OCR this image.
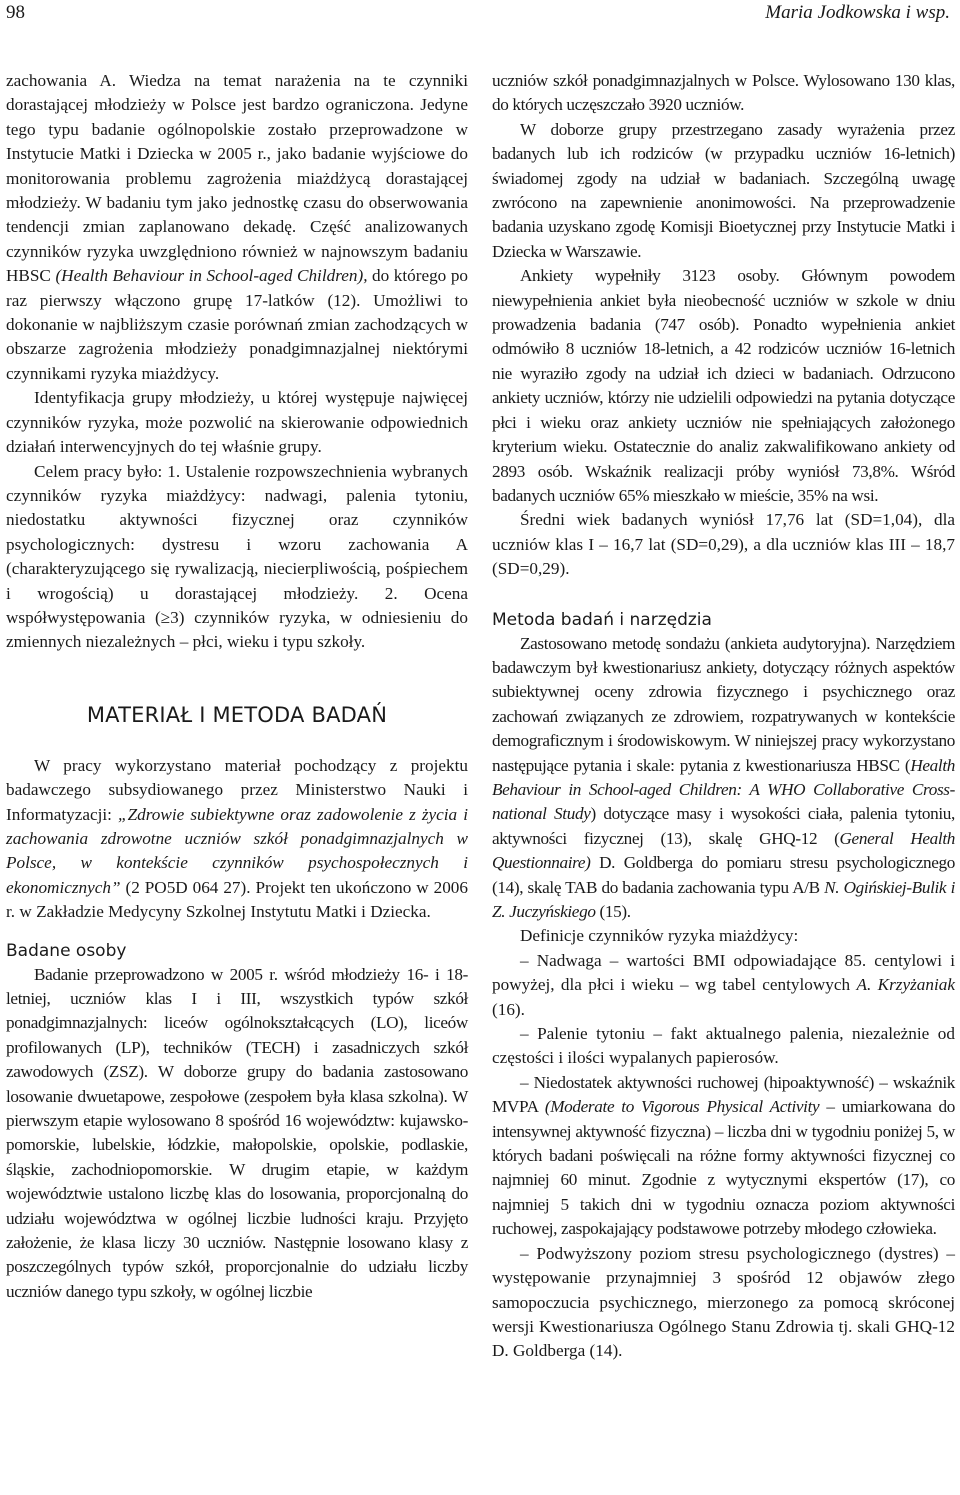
98	Maria Jodkowska i wsp.

zachowania A. Wiedza na temat narażenia na te czynniki dorastającej młodzieży w Polsce jest bardzo ograniczona. Jedyne tego typu badanie ogólnopolskie zostało przeprowadzone w Instytucie Matki i Dziecka w 2005 r., jako badanie wyjściowe do monitorowania problemu zagrożenia miażdżycą dorastającej młodzieży. W badaniu tym jako jednostkę czasu do obserwowania tendencji zmian zaplanowano dekadę. Część analizowanych czynników ryzyka uwzględniono również w najnowszym badaniu HBSC (Health Behaviour in School-aged Children), do którego po raz pierwszy włączono grupę 17-latków (12). Umożliwi to dokonanie w najbliższym czasie porównań zmian zachodzących w obszarze zagrożenia młodzieży ponadgimnazjalnej niektórymi czynnikami ryzyka miażdżycy.

Identyfikacja grupy młodzieży, u której występuje najwięcej czynników ryzyka, może pozwolić na skierowanie odpowiednich działań interwencyjnych do tej właśnie grupy.

Celem pracy było: 1. Ustalenie rozpowszechnienia wybranych czynników ryzyka miażdżycy: nadwagi, palenia tytoniu, niedostatku aktywności fizycznej oraz czynników psychologicznych: dystresu i wzoru zachowania A (charakteryzującego się rywalizacją, niecierpliwością, pośpiechem i wrogością) u dorastającej młodzieży. 2. Ocena współwystępowania (≥3) czynników ryzyka, w odniesieniu do zmiennych niezależnych – płci, wieku i typu szkoły.

MATERIAŁ I METODA BADAŃ

W pracy wykorzystano materiał pochodzący z projektu badawczego subsydiowanego przez Ministerstwo Nauki i Informatyzacji: „Zdrowie subiektywne oraz zadowolenie z życia i zachowania zdrowotne uczniów szkół ponadgimnazjalnych w Polsce, w kontekście czynników psychospołecznych i ekonomicznych” (2 PO5D 064 27). Projekt ten ukończono w 2006 r. w Zakładzie Medycyny Szkolnej Instytutu Matki i Dziecka.

Badane osoby

Badanie przeprowadzono w 2005 r. wśród młodzieży 16- i 18-letniej, uczniów klas I i III, wszystkich typów szkół ponadgimnazjalnych: liceów ogólnokształcących (LO), liceów profilowanych (LP), techników (TECH) i zasadniczych szkół zawodowych (ZSZ). W doborze grupy do badania zastosowano losowanie dwuetapowe, zespołowe (zespołem była klasa szkolna). W pierwszym etapie wylosowano 8 spośród 16 województw: kujawsko-pomorskie, lubelskie, łódzkie, małopolskie, opolskie, podlaskie, śląskie, zachodniopomorskie. W drugim etapie, w każdym województwie ustalono liczbę klas do losowania, proporcjonalną do udziału województwa w ogólnej liczbie ludności kraju. Przyjęto założenie, że klasa liczy 30 uczniów. Następnie losowano klasy z poszczególnych typów szkół, proporcjonalnie do udziału liczby uczniów danego typu szkoły, w ogólnej liczbie

uczniów szkół ponadgimnazjalnych w Polsce. Wylosowano 130 klas, do których uczęszczało 3920 uczniów.

W doborze grupy przestrzegano zasady wyrażenia przez badanych lub ich rodziców (w przypadku uczniów 16-letnich) świadomej zgody na udział w badaniach. Szczególną uwagę zwrócono na zapewnienie anonimowości. Na przeprowadzenie badania uzyskano zgodę Komisji Bioetycznej przy Instytucie Matki i Dziecka w Warszawie.

Ankiety wypełniły 3123 osoby. Głównym powodem niewypełnienia ankiet była nieobecność uczniów w szkole w dniu prowadzenia badania (747 osób). Ponadto wypełnienia ankiet odmówiło 8 uczniów 18-letnich, a 42 rodziców uczniów 16-letnich nie wyraziło zgody na udział ich dzieci w badaniach. Odrzucono ankiety uczniów, którzy nie udzielili odpowiedzi na pytania dotyczące płci i wieku oraz ankiety uczniów nie spełniających założonego kryterium wieku. Ostatecznie do analiz zakwalifikowano ankiety od 2893 osób. Wskaźnik realizacji próby wyniósł 73,8%. Wśród badanych uczniów 65% mieszkało w mieście, 35% na wsi.

Średni wiek badanych wyniósł 17,76 lat (SD=1,04), dla uczniów klas I – 16,7 lat (SD=0,29), a dla uczniów klas III – 18,7 (SD=0,29).

Metoda badań i narzędzia

Zastosowano metodę sondażu (ankieta audytoryjna). Narzędziem badawczym był kwestionariusz ankiety, dotyczący różnych aspektów subiektywnej oceny zdrowia fizycznego i psychicznego oraz zachowań związanych ze zdrowiem, rozpatrywanych w kontekście demograficznym i środowiskowym. W niniejszej pracy wykorzystano następujące pytania i skale: pytania z kwestionariusza HBSC (Health Behaviour in School-aged Children: A WHO Collaborative Cross-national Study) dotyczące masy i wysokości ciała, palenia tytoniu, aktywności fizycznej (13), skalę GHQ-12 (General Health Questionnaire) D. Goldberga do pomiaru stresu psychologicznego (14), skalę TAB do badania zachowania typu A/B N. Ogińskiej-Bulik i Z. Juczyńskiego (15).

Definicje czynników ryzyka miażdżycy:

– Nadwaga – wartości BMI odpowiadające 85. centylowi i powyżej, dla płci i wieku – wg tabel centylowych A. Krzyżaniak (16).

– Palenie tytoniu – fakt aktualnego palenia, niezależnie od częstości i ilości wypalanych papierosów.

– Niedostatek aktywności ruchowej (hipoaktywność) – wskaźnik MVPA (Moderate to Vigorous Physical Activity – umiarkowana do intensywnej aktywność fizyczna) – liczba dni w tygodniu poniżej 5, w których badani poświęcali na różne formy aktywności fizycznej co najmniej 60 minut. Zgodnie z wytycznymi ekspertów (17), co najmniej 5 takich dni w tygodniu oznacza poziom aktywności ruchowej, zaspokajający podstawowe potrzeby młodego człowieka.

– Podwyższony poziom stresu psychologicznego (dystres) – występowanie przynajmniej 3 spośród 12 objawów złego samopoczucia psychicznego, mierzonego za pomocą skróconej wersji Kwestionariusza Ogólnego Stanu Zdrowia tj. skali GHQ-12 D. Goldberga (14).
